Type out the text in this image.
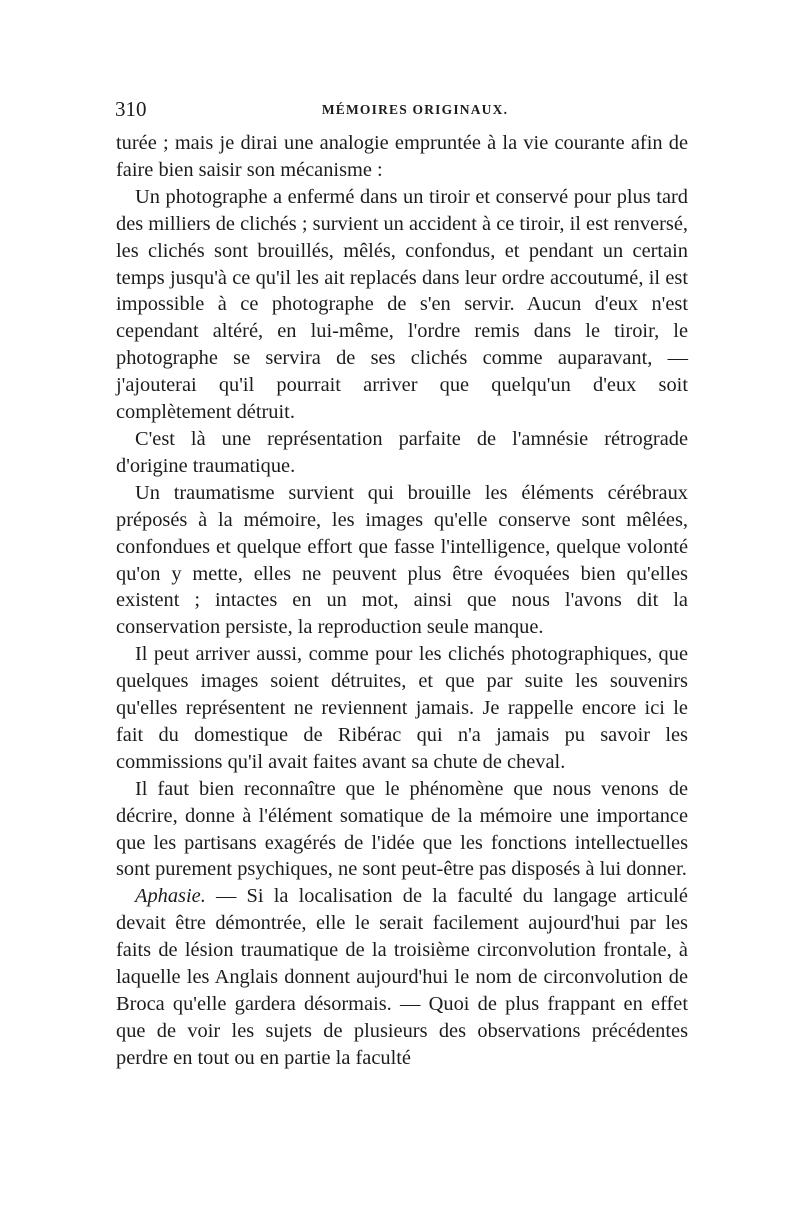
310	MÉMOIRES ORIGINAUX.

turée ; mais je dirai une analogie empruntée à la vie courante afin de faire bien saisir son mécanisme :

Un photographe a enfermé dans un tiroir et conservé pour plus tard des milliers de clichés ; survient un accident à ce tiroir, il est renversé, les clichés sont brouillés, mêlés, confondus, et pendant un certain temps jusqu'à ce qu'il les ait replacés dans leur ordre accoutumé, il est impossible à ce photographe de s'en servir. Aucun d'eux n'est cependant altéré, en lui-même, l'ordre remis dans le tiroir, le photographe se servira de ses clichés comme auparavant, — j'ajouterai qu'il pourrait arriver que quelqu'un d'eux soit complètement détruit.

C'est là une représentation parfaite de l'amnésie rétrograde d'origine traumatique.

Un traumatisme survient qui brouille les éléments cérébraux préposés à la mémoire, les images qu'elle conserve sont mêlées, confondues et quelque effort que fasse l'intelligence, quelque volonté qu'on y mette, elles ne peuvent plus être évoquées bien qu'elles existent ; intactes en un mot, ainsi que nous l'avons dit la conservation persiste, la reproduction seule manque.

Il peut arriver aussi, comme pour les clichés photographiques, que quelques images soient détruites, et que par suite les souvenirs qu'elles représentent ne reviennent jamais. Je rappelle encore ici le fait du domestique de Ribérac qui n'a jamais pu savoir les commissions qu'il avait faites avant sa chute de cheval.

Il faut bien reconnaître que le phénomène que nous venons de décrire, donne à l'élément somatique de la mémoire une importance que les partisans exagérés de l'idée que les fonctions intellectuelles sont purement psychiques, ne sont peut-être pas disposés à lui donner.

Aphasie. — Si la localisation de la faculté du langage articulé devait être démontrée, elle le serait facilement aujourd'hui par les faits de lésion traumatique de la troisième circonvolution frontale, à laquelle les Anglais donnent aujourd'hui le nom de circonvolution de Broca qu'elle gardera désormais. — Quoi de plus frappant en effet que de voir les sujets de plusieurs des observations précédentes perdre en tout ou en partie la faculté
